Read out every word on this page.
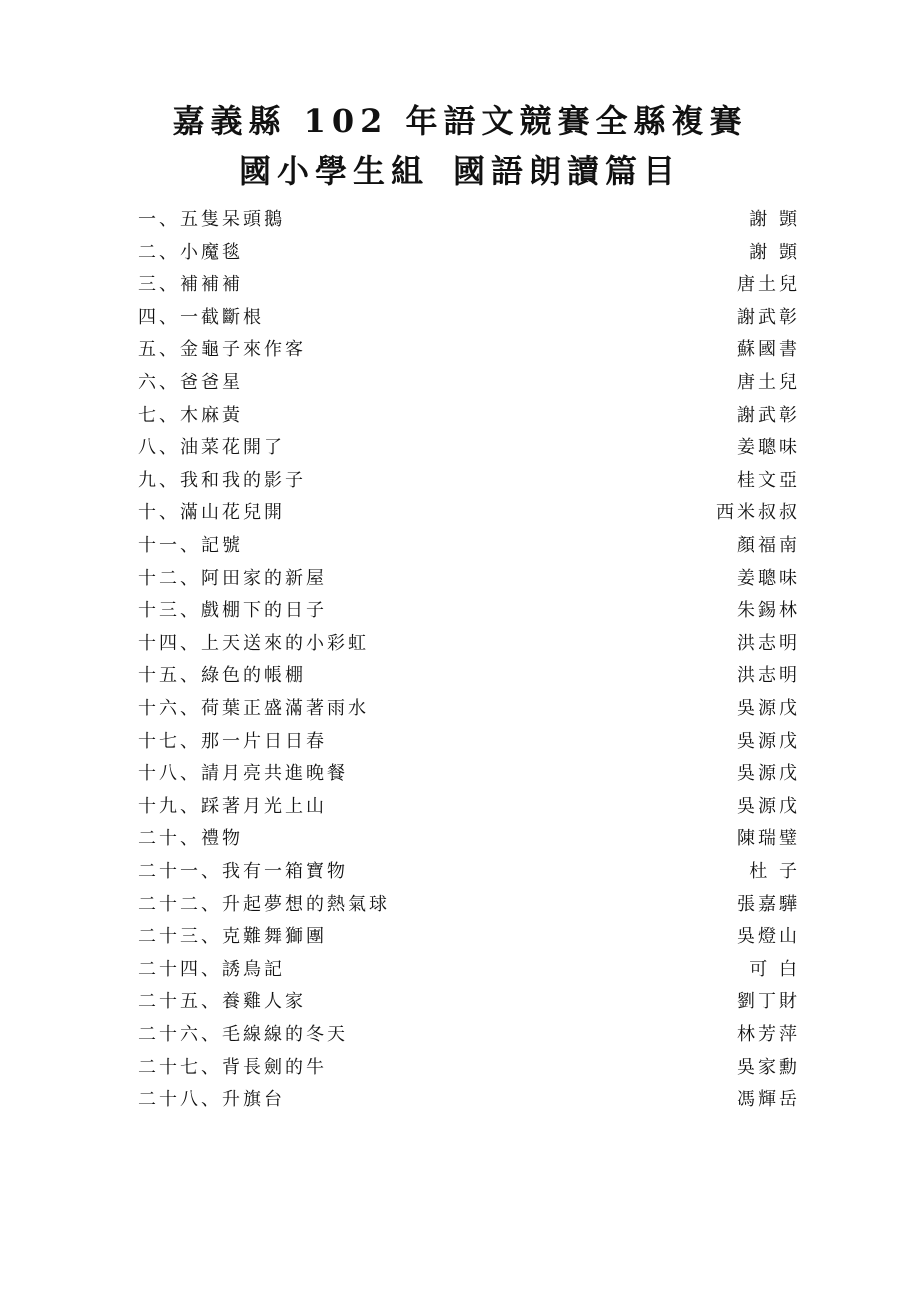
嘉義縣 102 年語文競賽全縣複賽
國小學生組 國語朗讀篇目
一、五隻呆頭鵝	謝 顗
二、小魔毯	謝 顗
三、補補補	唐土兒
四、一截斷根	謝武彰
五、金龜子來作客	蘇國書
六、爸爸星	唐土兒
七、木麻黃	謝武彰
八、油菜花開了	姜聰味
九、我和我的影子	桂文亞
十、滿山花兒開	西米叔叔
十一、記號	顏福南
十二、阿田家的新屋	姜聰味
十三、戲棚下的日子	朱錫林
十四、上天送來的小彩虹	洪志明
十五、綠色的帳棚	洪志明
十六、荷葉正盛滿著雨水	吳源戊
十七、那一片日日春	吳源戊
十八、請月亮共進晚餐	吳源戊
十九、踩著月光上山	吳源戊
二十、禮物	陳瑞璧
二十一、我有一箱寶物	杜 子
二十二、升起夢想的熱氣球	張嘉驊
二十三、克難舞獅團	吳燈山
二十四、誘鳥記	可 白
二十五、養雞人家	劉丁財
二十六、毛線線的冬天	林芳萍
二十七、背長劍的牛	吳家勳
二十八、升旗台	馮輝岳
